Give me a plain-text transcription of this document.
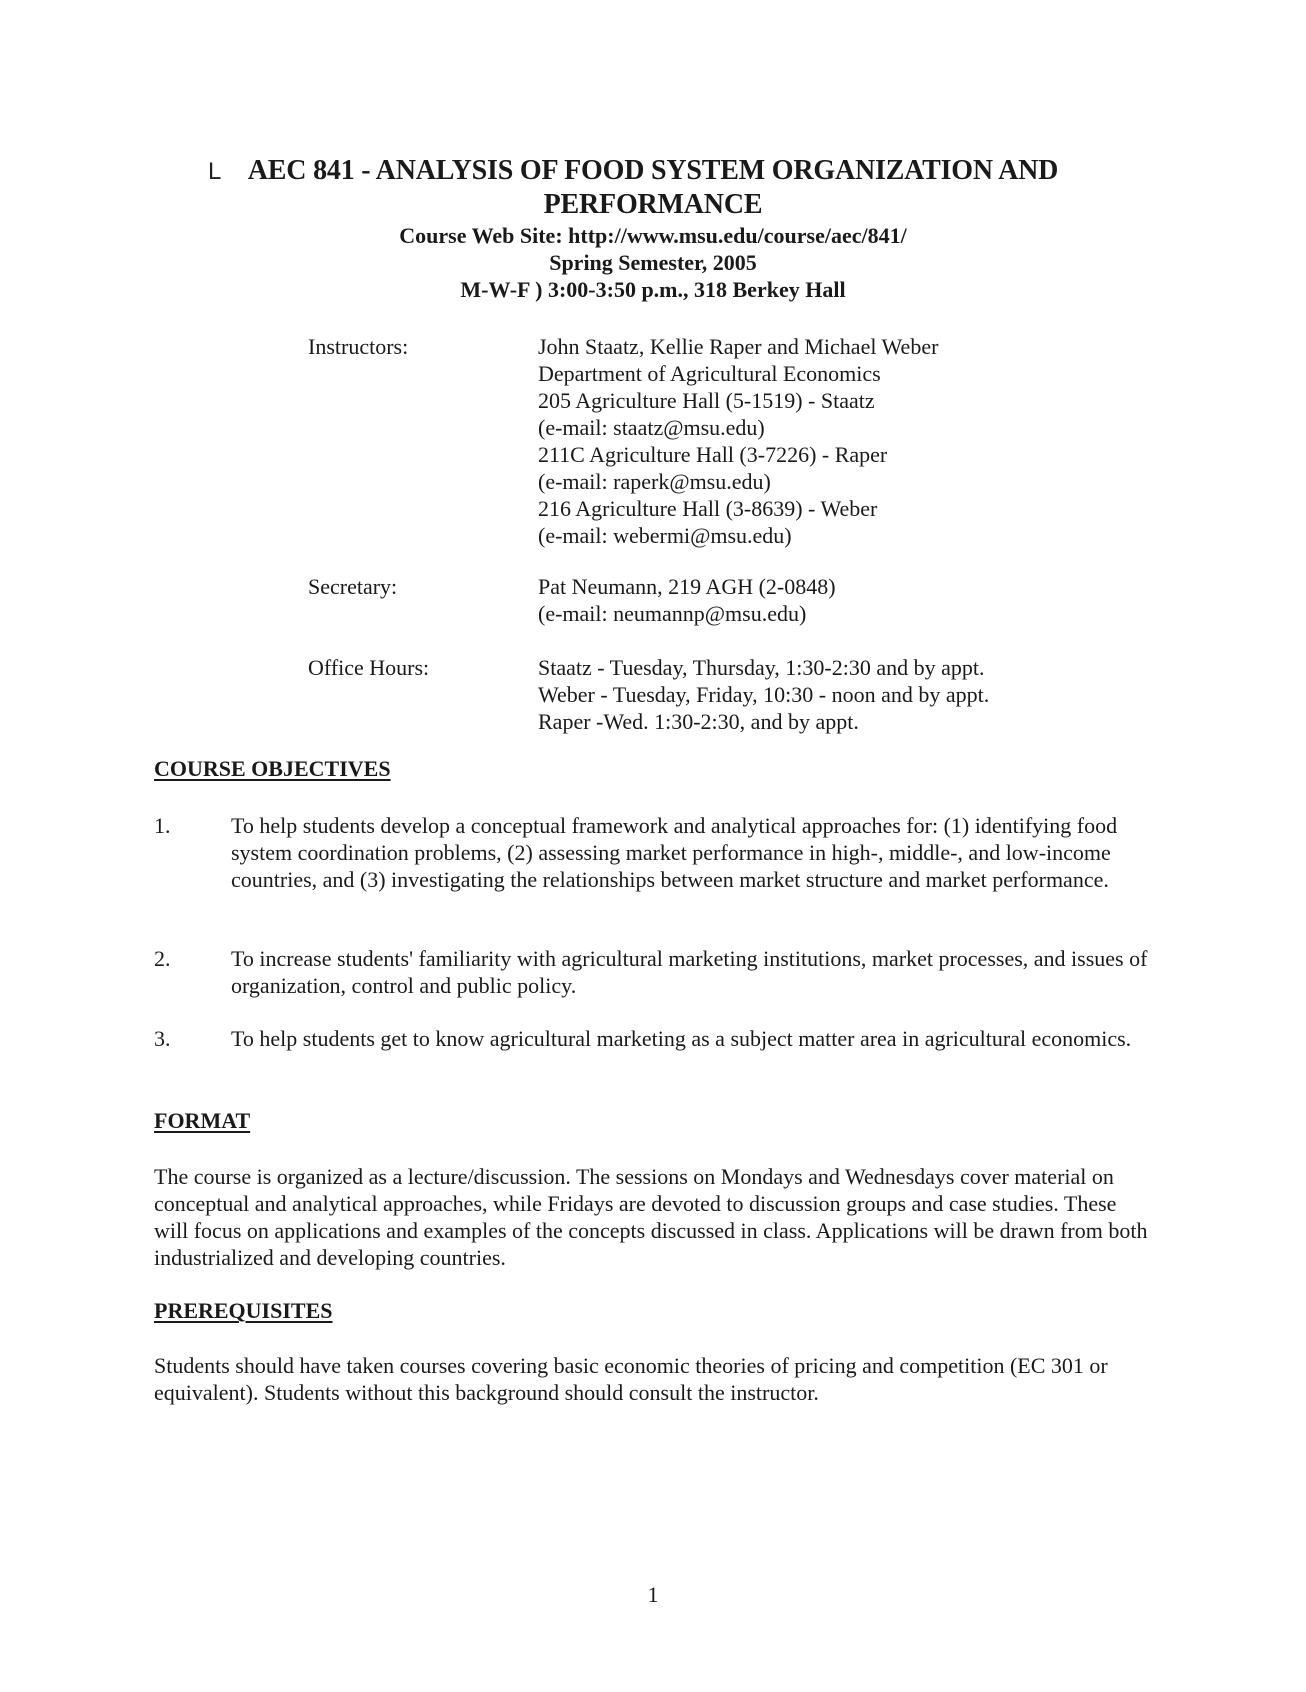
L AEC 841 - ANALYSIS OF FOOD SYSTEM ORGANIZATION AND
PERFORMANCE
Course Web Site: http://www.msu.edu/course/aec/841/
Spring Semester, 2005
M-W-F ) 3:00-3:50 p.m., 318 Berkey Hall
Instructors:	John Staatz, Kellie Raper and Michael Weber
Department of Agricultural Economics
205 Agriculture Hall (5-1519) - Staatz
(e-mail: staatz@msu.edu)
211C Agriculture Hall (3-7226) - Raper
(e-mail: raperk@msu.edu)
216 Agriculture Hall (3-8639) - Weber
(e-mail: webermi@msu.edu)
Secretary:	Pat Neumann, 219 AGH (2-0848)
(e-mail: neumannp@msu.edu)
Office Hours:	Staatz - Tuesday, Thursday, 1:30-2:30 and by appt.
Weber - Tuesday, Friday, 10:30 - noon and by appt.
Raper -Wed. 1:30-2:30, and by appt.
COURSE OBJECTIVES
1.	To help students develop a conceptual framework and analytical approaches for: (1) identifying food system coordination problems, (2) assessing market performance in high-, middle-, and low-income countries, and (3) investigating the relationships between market structure and market performance.
2.	To increase students' familiarity with agricultural marketing institutions, market processes, and issues of organization, control and public policy.
3.	To help students get to know agricultural marketing as a subject matter area in agricultural economics.
FORMAT
The course is organized as a lecture/discussion. The sessions on Mondays and Wednesdays cover material on conceptual and analytical approaches, while Fridays are devoted to discussion groups and case studies. These will focus on applications and examples of the concepts discussed in class. Applications will be drawn from both industrialized and developing countries.
PREREQUISITES
Students should have taken courses covering basic economic theories of pricing and competition (EC 301 or equivalent). Students without this background should consult the instructor.
1
